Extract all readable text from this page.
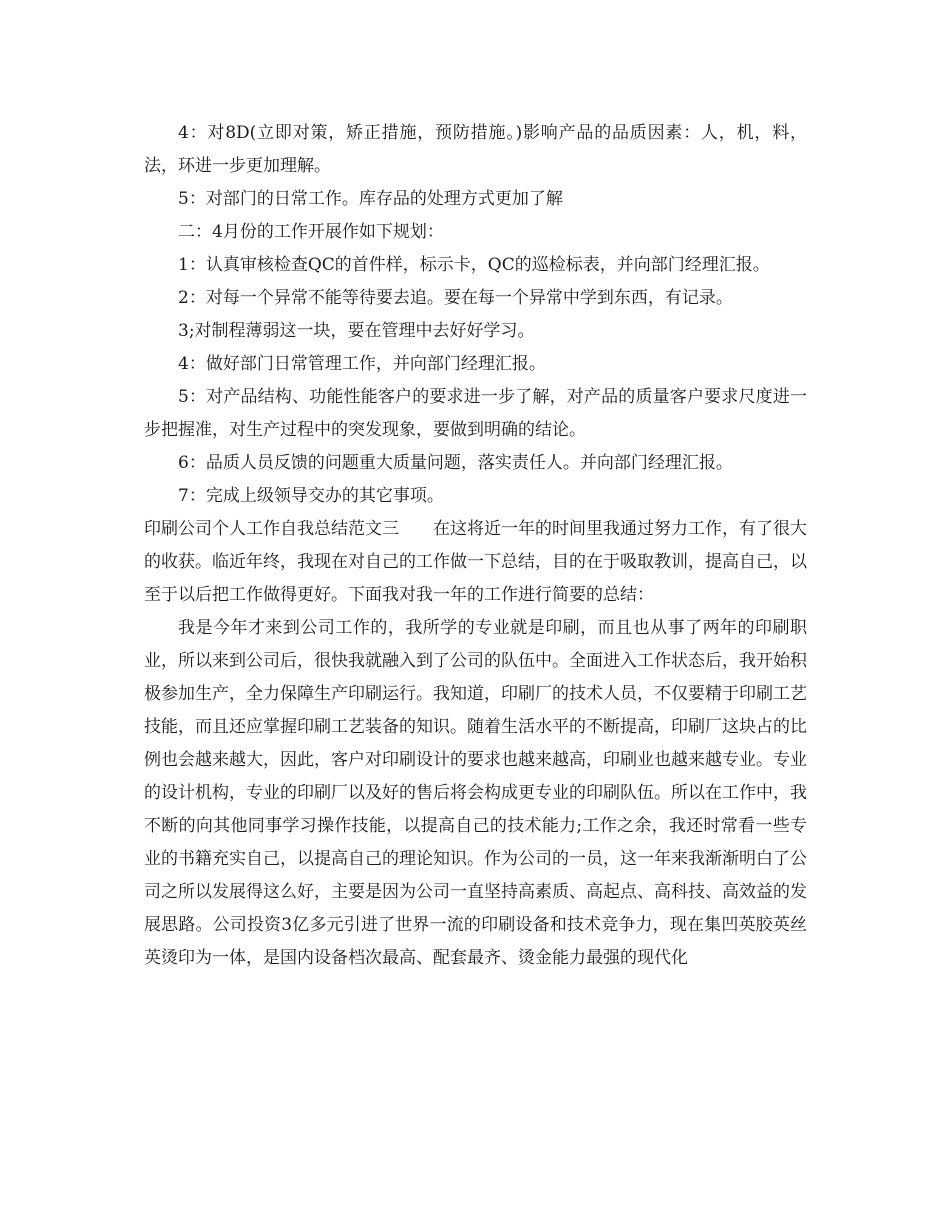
4：对8D(立即对策，矫正措施，预防措施。)影响产品的品质因素：人，机，料，法，环进一步更加理解。

5：对部门的日常工作。库存品的处理方式更加了解

二：4月份的工作开展作如下规划：

1：认真审核检查QC的首件样，标示卡，QC的巡检标表，并向部门经理汇报。

2：对每一个异常不能等待要去追。要在每一个异常中学到东西，有记录。

3;对制程薄弱这一块，要在管理中去好好学习。

4：做好部门日常管理工作，并向部门经理汇报。

5：对产品结构、功能性能客户的要求进一步了解，对产品的质量客户要求尺度进一步把握准，对生产过程中的突发现象，要做到明确的结论。

6：品质人员反馈的问题重大质量问题，落实责任人。并向部门经理汇报。

7：完成上级领导交办的其它事项。

印刷公司个人工作自我总结范文三　　在这将近一年的时间里我通过努力工作，有了很大的收获。临近年终，我现在对自己的工作做一下总结，目的在于吸取教训，提高自己，以至于以后把工作做得更好。下面我对我一年的工作进行简要的总结：

我是今年才来到公司工作的，我所学的专业就是印刷，而且也从事了两年的印刷职业，所以来到公司后，很快我就融入到了公司的队伍中。全面进入工作状态后，我开始积极参加生产，全力保障生产印刷运行。我知道，印刷厂的技术人员，不仅要精于印刷工艺技能，而且还应掌握印刷工艺装备的知识。随着生活水平的不断提高，印刷厂这块占的比例也会越来越大，因此，客户对印刷设计的要求也越来越高，印刷业也越来越专业。专业的设计机构，专业的印刷厂以及好的售后将会构成更专业的印刷队伍。所以在工作中，我不断的向其他同事学习操作技能，以提高自己的技术能力;工作之余，我还时常看一些专业的书籍充实自己，以提高自己的理论知识。作为公司的一员，这一年来我渐渐明白了公司之所以发展得这么好，主要是因为公司一直坚持高素质、高起点、高科技、高效益的发展思路。公司投资3亿多元引进了世界一流的印刷设备和技术竞争力，现在集凹英胶英丝英烫印为一体，是国内设备档次最高、配套最齐、烫金能力最强的现代化
